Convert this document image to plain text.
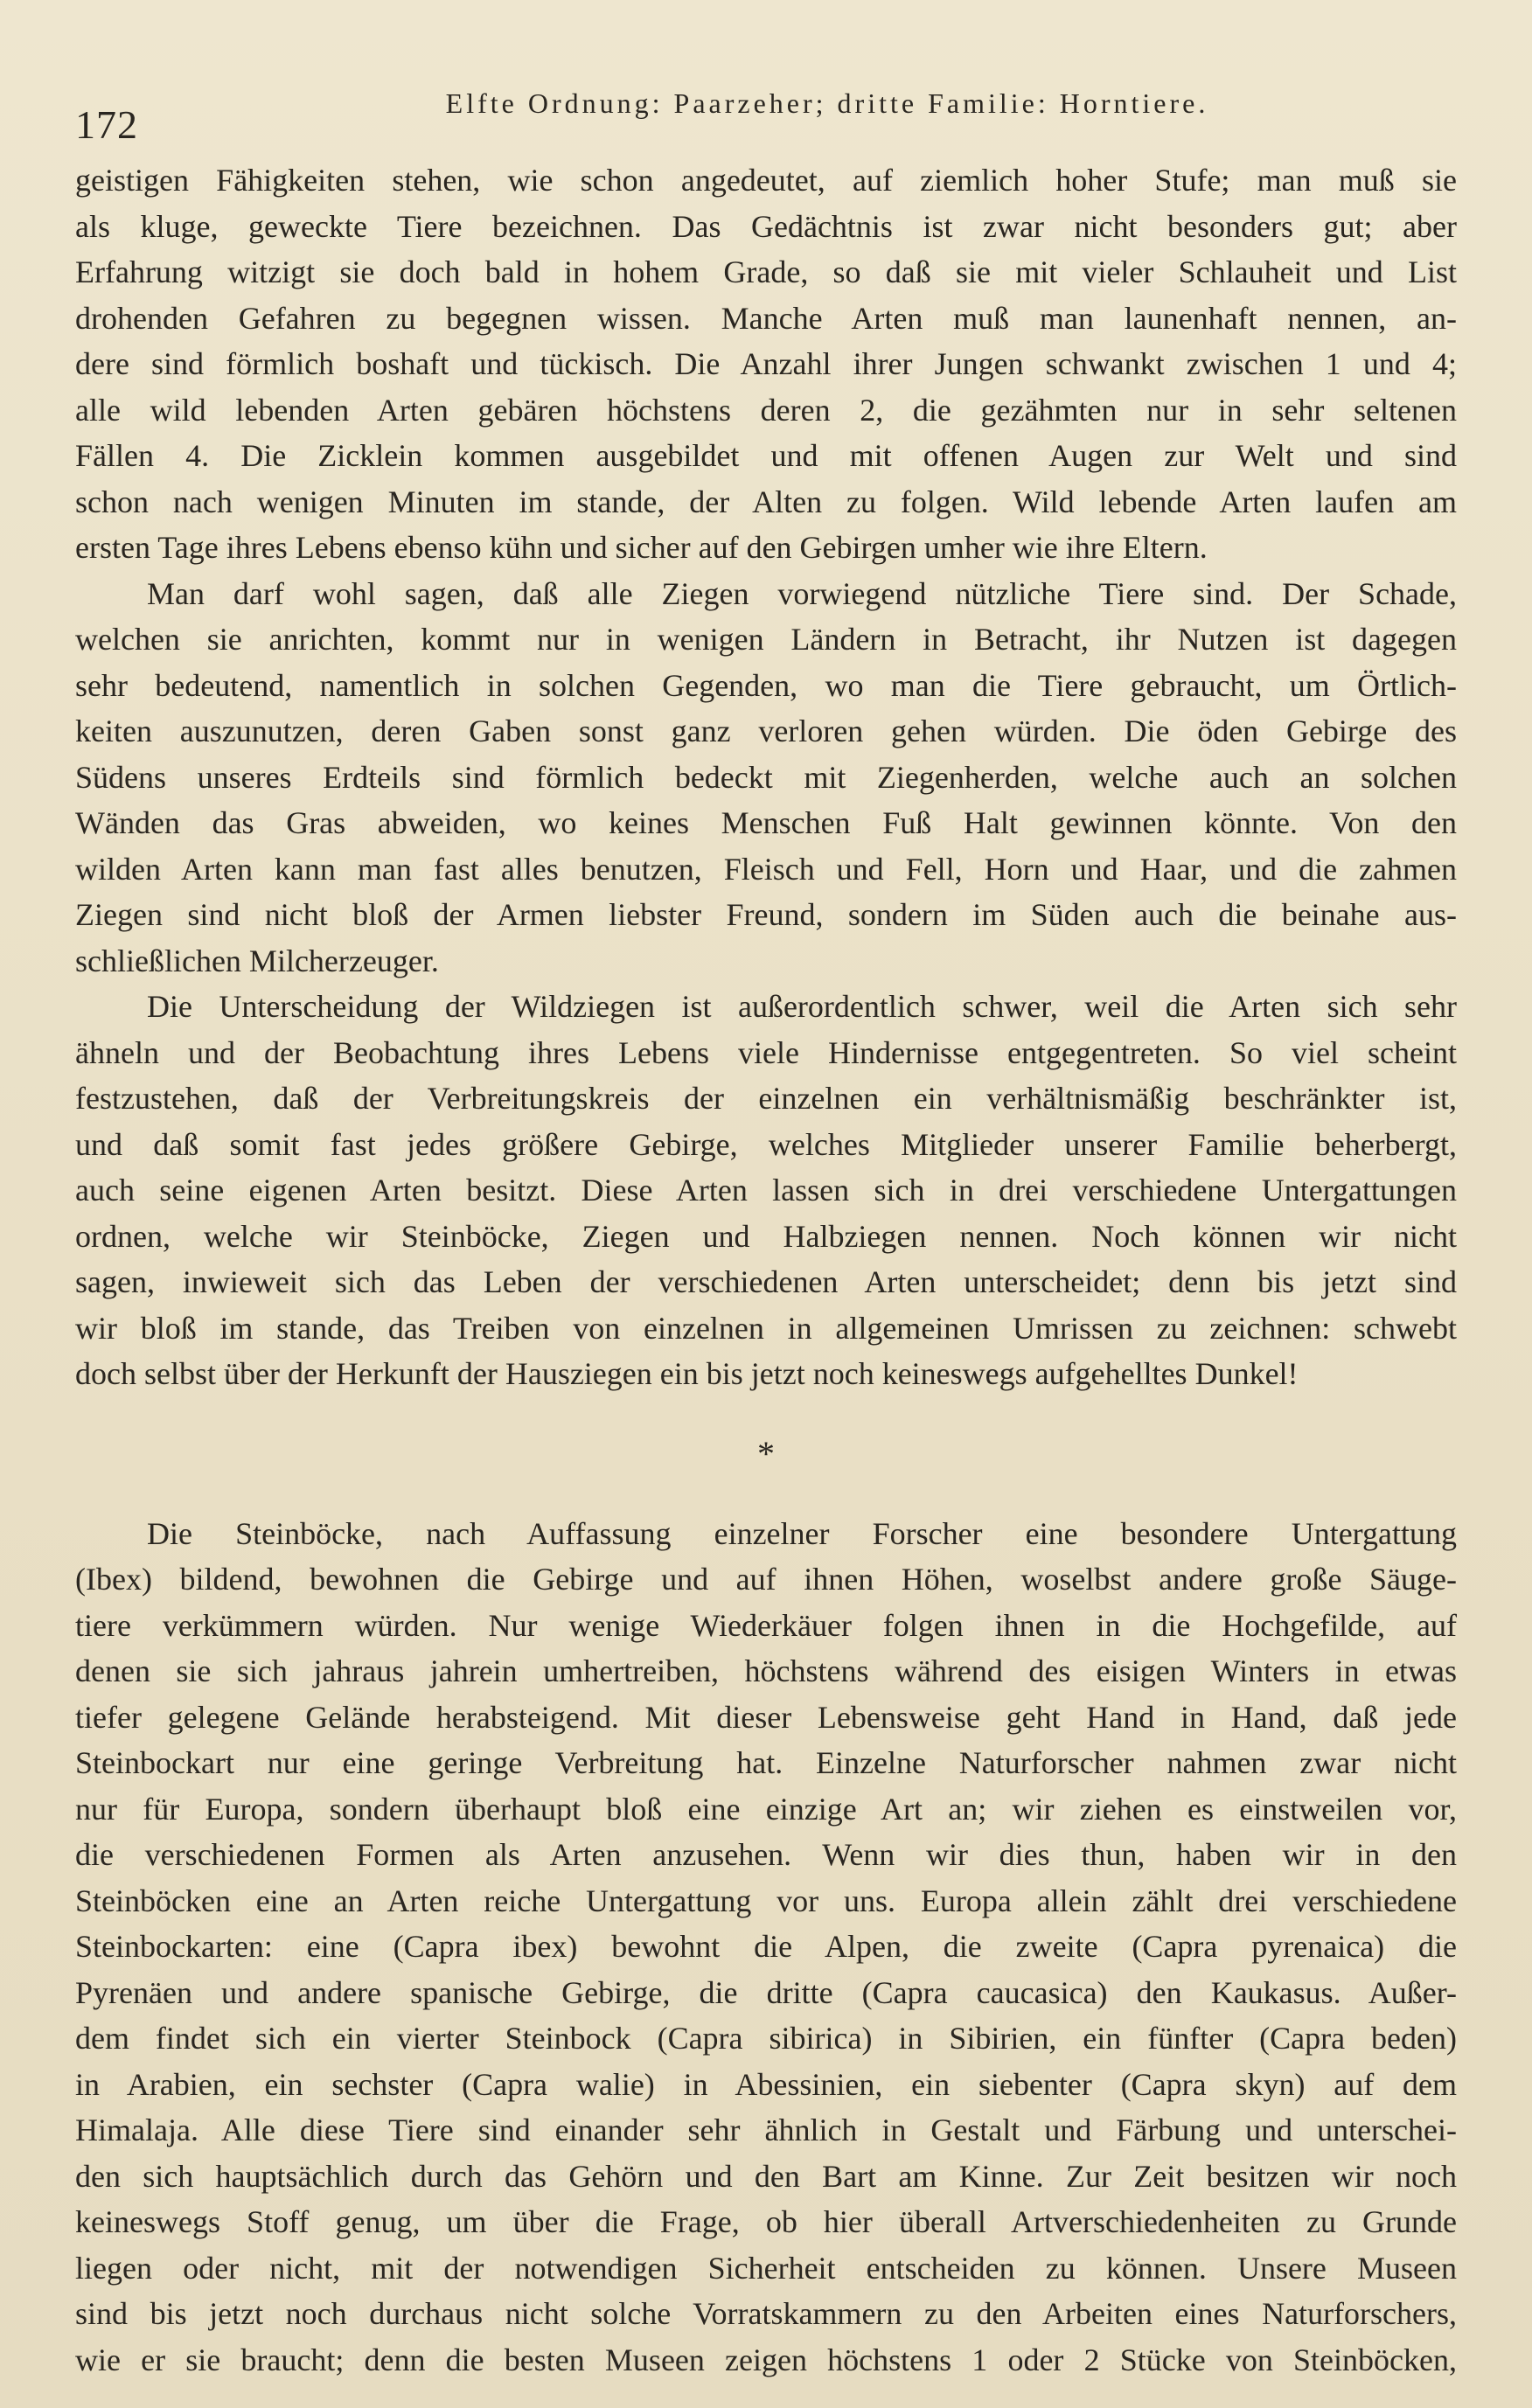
172	Elfte Ordnung: Paarzeher; dritte Familie: Horntiere.
geistigen Fähigkeiten stehen, wie schon angedeutet, auf ziemlich hoher Stufe; man muß sie
als kluge, geweckte Tiere bezeichnen. Das Gedächtnis ist zwar nicht besonders gut; aber
Erfahrung witzigt sie doch bald in hohem Grade, so daß sie mit vieler Schlauheit und List
drohenden Gefahren zu begegnen wissen. Manche Arten muß man launenhaft nennen, an-
dere sind förmlich boshaft und tückisch. Die Anzahl ihrer Jungen schwankt zwischen 1 und 4;
alle wild lebenden Arten gebären höchstens deren 2, die gezähmten nur in sehr seltenen
Fällen 4. Die Zicklein kommen ausgebildet und mit offenen Augen zur Welt und sind
schon nach wenigen Minuten im stande, der Alten zu folgen. Wild lebende Arten laufen am
ersten Tage ihres Lebens ebenso kühn und sicher auf den Gebirgen umher wie ihre Eltern.
Man darf wohl sagen, daß alle Ziegen vorwiegend nützliche Tiere sind. Der Schade,
welchen sie anrichten, kommt nur in wenigen Ländern in Betracht, ihr Nutzen ist dagegen
sehr bedeutend, namentlich in solchen Gegenden, wo man die Tiere gebraucht, um Örtlich-
keiten auszunutzen, deren Gaben sonst ganz verloren gehen würden. Die öden Gebirge des
Südens unseres Erdteils sind förmlich bedeckt mit Ziegenherden, welche auch an solchen
Wänden das Gras abweiden, wo keines Menschen Fuß Halt gewinnen könnte. Von den
wilden Arten kann man fast alles benutzen, Fleisch und Fell, Horn und Haar, und die zahmen
Ziegen sind nicht bloß der Armen liebster Freund, sondern im Süden auch die beinahe aus-
schließlichen Milcherzeuger.
Die Unterscheidung der Wildziegen ist außerordentlich schwer, weil die Arten sich sehr
ähneln und der Beobachtung ihres Lebens viele Hindernisse entgegentreten. So viel scheint
festzustehen, daß der Verbreitungskreis der einzelnen ein verhältnismäßig beschränkter ist,
und daß somit fast jedes größere Gebirge, welches Mitglieder unserer Familie beherbergt,
auch seine eigenen Arten besitzt. Diese Arten lassen sich in drei verschiedene Untergattungen
ordnen, welche wir Steinböcke, Ziegen und Halbziegen nennen. Noch können wir nicht
sagen, inwieweit sich das Leben der verschiedenen Arten unterscheidet; denn bis jetzt sind
wir bloß im stande, das Treiben von einzelnen in allgemeinen Umrissen zu zeichnen: schwebt
doch selbst über der Herkunft der Hausziegen ein bis jetzt noch keineswegs aufgehelltes Dunkel!
*
Die Steinböcke, nach Auffassung einzelner Forscher eine besondere Untergattung
(Ibex) bildend, bewohnen die Gebirge und auf ihnen Höhen, woselbst andere große Säuge-
tiere verkümmern würden. Nur wenige Wiederkäuer folgen ihnen in die Hochgefilde, auf
denen sie sich jahraus jahrein umhertreiben, höchstens während des eisigen Winters in etwas
tiefer gelegene Gelände herabsteigend. Mit dieser Lebensweise geht Hand in Hand, daß jede
Steinbockart nur eine geringe Verbreitung hat. Einzelne Naturforscher nahmen zwar nicht
nur für Europa, sondern überhaupt bloß eine einzige Art an; wir ziehen es einstweilen vor,
die verschiedenen Formen als Arten anzusehen. Wenn wir dies thun, haben wir in den
Steinböcken eine an Arten reiche Untergattung vor uns. Europa allein zählt drei verschiedene
Steinbockarten: eine (Capra ibex) bewohnt die Alpen, die zweite (Capra pyrenaica) die
Pyrenäen und andere spanische Gebirge, die dritte (Capra caucasica) den Kaukasus. Außer-
dem findet sich ein vierter Steinbock (Capra sibirica) in Sibirien, ein fünfter (Capra beden)
in Arabien, ein sechster (Capra walie) in Abessinien, ein siebenter (Capra skyn) auf dem
Himalaja. Alle diese Tiere sind einander sehr ähnlich in Gestalt und Färbung und unterschei-
den sich hauptsächlich durch das Gehörn und den Bart am Kinne. Zur Zeit besitzen wir noch
keineswegs Stoff genug, um über die Frage, ob hier überall Artverschiedenheiten zu Grunde
liegen oder nicht, mit der notwendigen Sicherheit entscheiden zu können. Unsere Museen
sind bis jetzt noch durchaus nicht solche Vorratskammern zu den Arbeiten eines Naturforschers,
wie er sie braucht; denn die besten Museen zeigen höchstens 1 oder 2 Stücke von Steinböcken,
